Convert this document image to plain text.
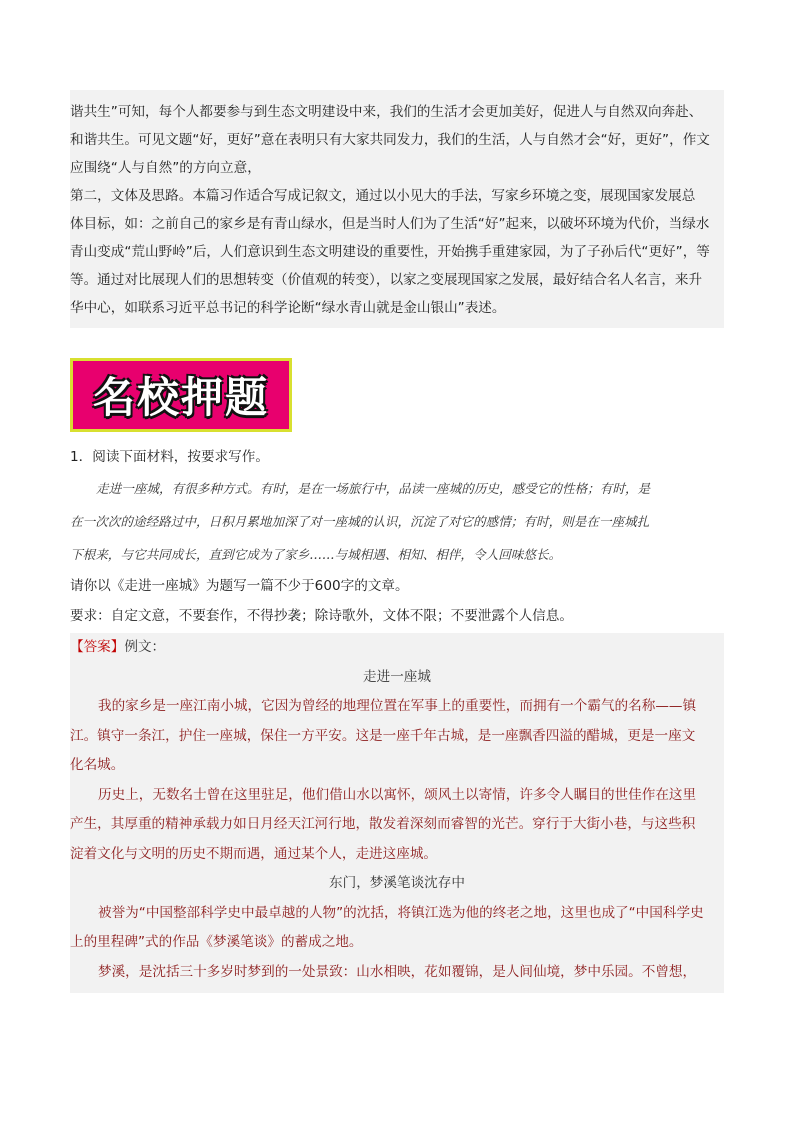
谐共生”可知，每个人都要参与到生态文明建设中来，我们的生活才会更加美好，促进人与自然双向奔赴、
和谐共生。可见文题“好，更好”意在表明只有大家共同发力，我们的生活，人与自然才会“好，更好”，作文
应围绕“人与自然”的方向立意，
第二，文体及思路。本篇习作适合写成记叙文，通过以小见大的手法，写家乡环境之变，展现国家发展总
体目标，如：之前自己的家乡是有青山绿水，但是当时人们为了生活“好”起来，以破坏环境为代价，当绿水
青山变成“荒山野岭”后，人们意识到生态文明建设的重要性，开始携手重建家园，为了子孙后代“更好”，等
等。通过对比展现人们的思想转变（价值观的转变），以家之变展现国家之发展，最好结合名人名言，来升
华中心，如联系习近平总书记的科学论断“绿水青山就是金山银山”表述。
名校押题
1．阅读下面材料，按要求写作。
走进一座城，有很多种方式。有时，是在一场旅行中，品读一座城的历史，感受它的性格；有时，是
在一次次的途经路过中，日积月累地加深了对一座城的认识，沉淀了对它的感情；有时，则是在一座城扎
下根来，与它共同成长，直到它成为了家乡……与城相遇、相知、相伴，令人回味悠长。
请你以《走进一座城》为题写一篇不少于600字的文章。
要求：自定文意，不要套作，不得抄袭；除诗歌外，文体不限；不要泄露个人信息。
【答案】例文：
走进一座城
我的家乡是一座江南小城，它因为曾经的地理位置在军事上的重要性，而拥有一个霸气的名称——镇
江。镇守一条江，护住一座城，保住一方平安。这是一座千年古城，是一座飘香四溢的醋城，更是一座文
化名城。
历史上，无数名士曾在这里驻足，他们借山水以寓怀，颂风土以寄情，许多令人瞩目的世佳作在这里
产生，其厚重的精神承载力如日月经天江河行地，散发着深刻而睿智的光芒。穿行于大街小巷，与这些积
淀着文化与文明的历史不期而遇，通过某个人，走进这座城。
东门，梦溪笔谈沈存中
被誉为“中国整部科学史中最卓越的人物”的沈括，将镇江选为他的终老之地，这里也成了“中国科学史
上的里程碑”式的作品《梦溪笔谈》的蓄成之地。
梦溪，是沈括三十多岁时梦到的一处景致：山水相映，花如覆锦，是人间仙境，梦中乐园。不曾想，
